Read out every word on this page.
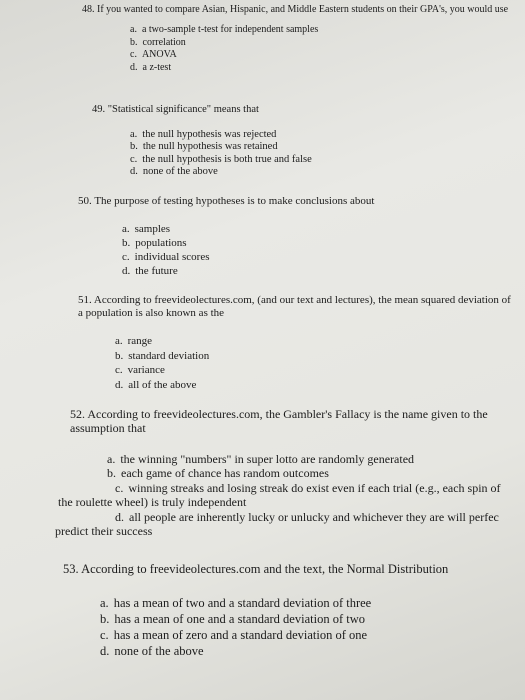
48. If you wanted to compare Asian, Hispanic, and Middle Eastern students on their GPA's, you would use
a. a two-sample t-test for independent samples
b. correlation
c. ANOVA
d. a z-test
49. "Statistical significance" means that
a. the null hypothesis was rejected
b. the null hypothesis was retained
c. the null hypothesis is both true and false
d. none of the above
50. The purpose of testing hypotheses is to make conclusions about
a. samples
b. populations
c. individual scores
d. the future
51. According to freevideolectures.com, (and our text and lectures), the mean squared deviation of a population is also known as the
a. range
b. standard deviation
c. variance
d. all of the above
52. According to freevideolectures.com, the Gambler's Fallacy is the name given to the assumption that
a. the winning "numbers" in super lotto are randomly generated
b. each game of chance has random outcomes
c. winning streaks and losing streak do exist even if each trial (e.g., each spin of
the roulette wheel) is truly independent
d. all people are inherently lucky or unlucky and whichever they are will perfec
predict their success
53. According to freevideolectures.com and the text, the Normal Distribution
a. has a mean of two and a standard deviation of three
b. has a mean of one and a standard deviation of two
c. has a mean of zero and a standard deviation of one
d. none of the above
